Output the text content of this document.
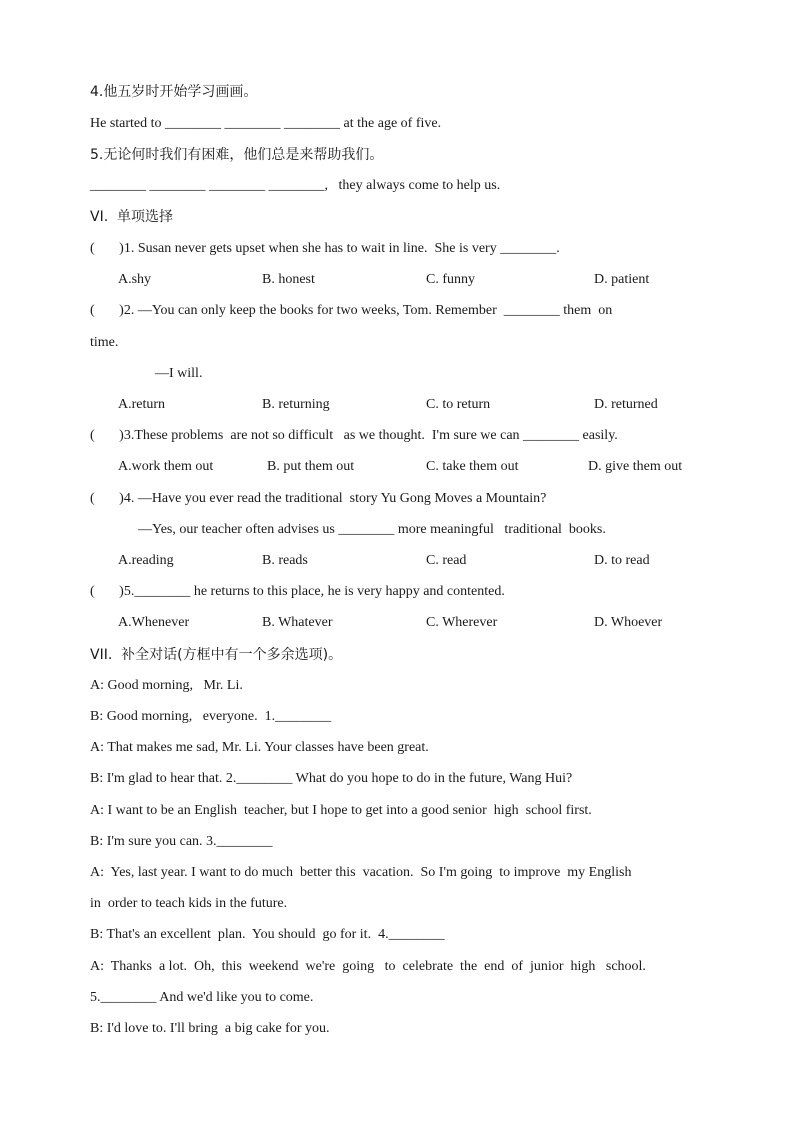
4.他五岁时开始学习画画。
He started to ________ ________ ________ at the age of five.
5.无论何时我们有困难，他们总是来帮助我们。
________ ________ ________ ________,   they always come to help us.
VI.  单项选择
(       )1. Susan never gets upset when she has to wait in line.  She is very ________.
A.shy	B. honest	C. funny	D. patient
(       )2. —You can only keep the books for two weeks, Tom. Remember  ________ them  on
time.
—I will.
A.return	B. returning	C. to return	D. returned
(       )3.These problems  are not so difficult   as we thought.  I'm sure we can ________ easily.
A.work them out	B. put them out	C. take them out	D. give them out
(       )4. —Have you ever read the traditional  story Yu Gong Moves a Mountain?
—Yes, our teacher often advises us ________ more meaningful   traditional  books.
A.reading	B. reads	C. read	D. to read
(       )5.________ he returns to this place, he is very happy and contented.
A.Whenever	B. Whatever	C. Wherever	D. Whoever
VII.  补全对话(方框中有一个多余选项)。
A: Good morning,   Mr. Li.
B: Good morning,   everyone.  1.________
A: That makes me sad, Mr. Li. Your classes have been great.
B: I'm glad to hear that. 2.________ What do you hope to do in the future, Wang Hui?
A: I want to be an English  teacher, but I hope to get into a good senior  high  school first.
B: I'm sure you can. 3.________
A:  Yes, last year. I want to do much  better this  vacation.  So I'm going  to improve  my English
in  order to teach kids in the future.
B: That's an excellent  plan.  You should  go for it.  4.________
A:  Thanks  a lot.  Oh,  this  weekend  we're  going   to  celebrate  the  end  of  junior  high   school.
5.________ And we'd like you to come.
B: I'd love to. I'll bring  a big cake for you.
